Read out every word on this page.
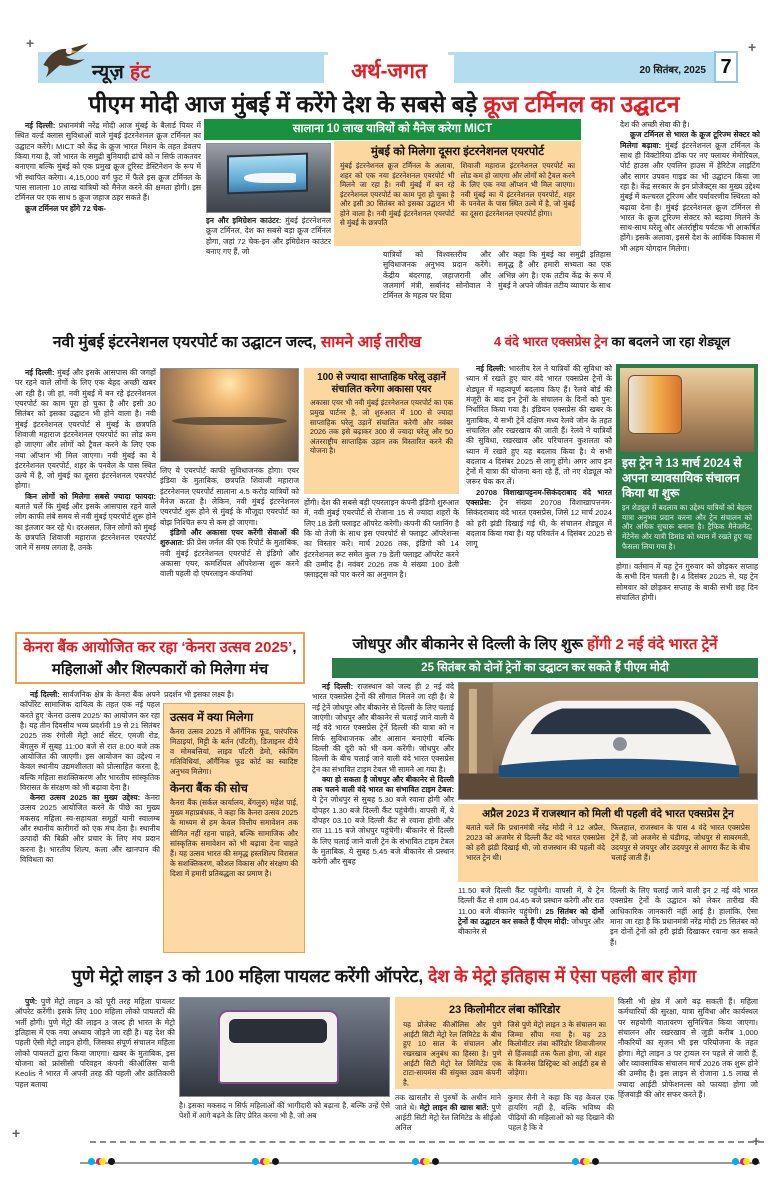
+	+
+	+
न्यूज़ हंट	अर्थ-जगत	20 सितंबर, 2025 7
पीएम मोदी आज मुंबई में करेंगे देश के सबसे बड़े क्रूज टर्मिनल का उद्घाटन

नई दिल्ली: प्रधानमंत्री नरेंद्र मोदी आज मुंबई के बैलार्ड पियर में स्थित वर्ल्ड क्लास सुविधाओं वाले मुंबई इंटरनेशनल क्रूज टर्मिनल का उद्घाटन करेंगे। MICT को केंद्र के क्रूज भारत मिशन के तहत डेवलप किया गया है, जो भारत के समुद्री बुनियादी ढांचे को न सिर्फ ताकतवर बनाएगा बल्कि मुंबई को एक प्रमुख क्रूज टूरिस्ट डेस्टिनेशन के रूप में भी स्थापित करेगा। 4,15,000 वर्ग फुट में फैले इस क्रूज टर्मिनल के पास सालाना 10 लाख यात्रियों को मैनेज करने की क्षमता होगी। इस टर्मिनल पर एक साथ 5 क्रूज जहाज ठहर सकते हैं।

क्रूज टर्मिनल पर होंगे 72 चेक-

सालाना 10 लाख यात्रियों को मैनेज करेगा MICT
मुंबई को मिलेगा दूसरा इंटरनेशनल एयरपोर्ट
मुंबई इंटरनेशनल क्रूज टर्मिनल के अलावा, शहर को एक नया इंटरनेशनल एयरपोर्ट भी मिलने जा रहा है। नवी मुंबई में बन रहे इंटरनेशनल एयरपोर्ट का काम पूरा हो चुका है और इसी 30 सितंबर को इसका उद्घाटन भी होने वाला है। नवी मुंबई इंटरनेशनल एयरपोर्ट से मुंबई के छत्रपति
शिवाजी महाराज इंटरनेशनल एयरपोर्ट का लोड कम हो जाएगा और लोगों को ट्रैवल करने के लिए एक नया ऑप्शन भी मिल जाएगा। नवी मुंबई का ये इंटरनेशनल एयरपोर्ट, शहर के पनवेल के पास स्थित उल्वे में है, जो मुंबई का दूसरा इंटरनेशनल एयरपोर्ट होगा।

इन और इमिग्रेशन काउंटर: मुंबई इंटरनेशनल क्रूज टर्मिनल, देश का सबसे बड़ा क्रूज टर्मिनल होगा, जहां 72 चेक-इन और इमिग्रेशन काउंटर बनाए गए हैं, जो	यात्रियों को विश्वस्तरीय और सुविधाजनक अनुभव प्रदान करेंगे। केंद्रीय बंदरगाह, जहाजरानी और जलमार्ग मंत्री, सर्बानंद सोनोवाल ने टर्मिनल के महत्व पर दिया
और कहा कि मुंबई का समुद्री इतिहास समृद्ध है और हमारी सभ्यता का एक अभिन्न अंग है। एक तटीय केंद्र के रूप में मुंबई ने अपने जीवंत तटीय व्यापार के साथ

देश की अच्छी सेवा की है।

क्रूज टर्मिनल से भारत के क्रूज टूरिज्म सेक्टर को मिलेगा बढ़ावा: मुंबई इंटरनेशनल क्रूज टर्मिनल के साथ ही विक्टोरिया डॉक पर नए फ्लायर मेमोरियल, पोर्ट हाउस और एवलिन हाउस में हेरिटेज लाइटिंग और सागर उपवन गाइड का भी उद्घाटन किया जा रहा है। केंद्र सरकार के इन प्रोजेक्ट्स का मुख्य उद्देश्य मुंबई में कल्चरल टूरिज्म और पर्यावरणीय स्थिरता को बढ़ावा देना है। मुंबई इंटरनेशनल क्रूज टर्मिनल से भारत के क्रूज टूरिज्म सेक्टर को बढ़ावा मिलने के साथ-साथ घरेलू और अंतर्राष्ट्रीय पर्यटक भी आकर्षित होंगे। इसके अलावा, इससे देश के आर्थिक विकास में भी अहम योगदान मिलेगा।

नवी मुंबई इंटरनेशनल एयरपोर्ट का उद्घाटन जल्द, सामने आई तारीख

नई दिल्ली: मुंबई और इसके आसपास की जगहों पर रहने वाले लोगों के लिए एक बेहद अच्छी खबर आ रही है। जी हां, नवी मुंबई में बन रहे इंटरनेशनल एयरपोर्ट का काम पूरा हो चुका है और इसी 30 सितंबर को इसका उद्घाटन भी होने वाला है। नवी मुंबई इंटरनेशनल एयरपोर्ट से मुंबई के छत्रपति शिवाजी महाराज इंटरनेशनल एयरपोर्ट का लोड कम हो जाएगा और लोगों को ट्रैवल करने के लिए एक नया ऑप्शन भी मिल जाएगा। नवी मुंबई का ये इंटरनेशनल एयरपोर्ट, शहर के पनवेल के पास स्थित उल्वे में है, जो मुंबई का दूसरा इंटरनेशनल एयरपोर्ट होगा।

किन लोगों को मिलेगा सबसे ज्यादा फायदा: बताते चलें कि मुंबई और इसके आसपास रहने वाले लोग काफी लंबे समय से नवी मुंबई एयरपोर्ट शुरू होने का इंतजार कर रहे थे। दरअसल, जिन लोगों को मुंबई के छत्रपति शिवाजी महाराज इंटरनेशनल एयरपोर्ट जाने में समय लगता है, उनके

लिए ये एयरपोर्ट काफी सुविधाजनक होगा। एयर इंडिया के मुताबिक, छत्रपति शिवाजी महाराज इंटरनेशनल एयरपोर्ट सालाना 4.5 करोड़ यात्रियों को मैनेज करता है। लेकिन, नवी मुंबई इंटरनेशनल एयरपोर्ट शुरू होने से मुंबई के मौजूदा एयरपोर्ट का बोझ निश्चित रूप से कम हो जाएगा।

इंडिगो और अकासा एयर करेंगी सेवाओं की शुरुआत: फ्री प्रेस जर्नल की एक रिपोर्ट के मुताबिक, नवी मुंबई इंटरनेशनल एयरपोर्ट से इंडिगो और अकासा एयर, कमर्शियल ऑपरेशन्स शुरू करने वाली पहली दो एयरलाइन कंपनियां

100 से ज्यादा साप्ताहिक घरेलू उड़ानें संचालित करेगा अकासा एयर
अकासा एयर भी नवी मुंबई इंटरनेशनल एयरपोर्ट का एक प्रमुख पार्टनर है, जो शुरुआत में 100 से ज्यादा साप्ताहिक घरेलू उड़ानें संचालित करेगी और नवंबर 2026 तक इसे बढ़ाकर 300 से ज्यादा घरेलू और 50 अंतरराष्ट्रीय साप्ताहिक उड़ान तक विस्तारित करने की योजना है।
होंगी। देश की सबसे बड़ी एयरलाइन कंपनी इंडिगो शुरुआत में, नवी मुंबई एयरपोर्ट से रोजाना 15 से ज्यादा शहरों के लिए 18 डेली फ्लाइट ऑपरेट करेगी। कंपनी की प्लानिंग है कि वो तेजी के साथ इस एयरपोर्ट से फ्लाइट ऑपरेशन्स का विस्तार करे। मार्च 2026 तक, इंडिगो को 14 इंटरनेशनल रूट समेत कुल 79 डेली फ्लाइट ऑपरेट करने की उम्मीद है। नवंबर 2026 तक ये संख्या 100 डेली फ्लाइट्स को पार करने का अनुमान है।
4 वंदे भारत एक्सप्रेस ट्रेन का बदलने जा रहा शेड्यूल

नई दिल्ली: भारतीय रेल ने यात्रियों की सुविधा को ध्यान में रखते हुए चार वंदे भारत एक्सप्रेस ट्रेनों के शेड्यूल में महत्वपूर्ण बदलाव किए हैं। रेलवे बोर्ड की मंजूरी के बाद इन ट्रेनों के संचालन के दिनों को पुन: निर्धारित किया गया है। इंडियन एक्सप्रेस की खबर के मुताबिक, ये सभी ट्रेनें दक्षिण मध्य रेलवे जोन के तहत संचालित और रखरखाव की जाती हैं। रेलवे ने यात्रियों की सुविधा, रखरखाव और परिचालन कुशलता को ध्यान में रखते हुए यह बदलाव किया है। ये सभी बदलाव 4 दिसंबर 2025 से लागू होंगे। अगर आप इन ट्रेनों में यात्रा की योजना बना रहे हैं, तो नए शेड्यूल को जरूर चेक कर लें।

20708 विशाखापट्टनम-सिकंदराबाद वंदे भारत एक्सप्रेस: ट्रेन संख्या 20708 विशाखापत्तनम-सिकंदराबाद वंदे भारत एक्सप्रेस, जिसे 12 मार्च 2024 को हरी झंडी दिखाई गई थी, के संचालन शेड्यूल में बदलाव किया गया है। यह परिवर्तन 4 दिसंबर 2025 से लागू

इस ट्रेन ने 13 मार्च 2024 से अपना व्यावसायिक संचालन किया था शुरू
इन शेड्यूल में बदलाव का उद्देश्य यात्रियों को बेहतर यात्रा अनुभव प्रदान करना और ट्रेन संचालन को और अधिक सुचारू बनाना है। ट्रैफिक मैनेजमेंट, मेंटेनेंस और यात्री डिमांड को ध्यान में रखते हुए यह फैसला लिया गया है।
होगा। वर्तमान में यह ट्रेन गुरुवार को छोड़कर सप्ताह के सभी दिन चलती है। 4 दिसंबर 2025 से, यह ट्रेन सोमवार को छोड़कर सप्ताह के बाकी सभी छह दिन संचालित होगी।
केनरा बैंक आयोजित कर रहा ‘केनरा उत्सव 2025’, महिलाओं और शिल्पकारों को मिलेगा मंच

नई दिल्ली: सार्वजनिक क्षेत्र के केनरा बैंक अपने कॉर्पोरेट सामाजिक दायित्व के तहत एक नई पहल करते हुए ‘केनरा उत्सव 2025’ का आयोजन कर रहा है। यह तीन दिवसीय भव्य प्रदर्शनी 19 से 21 सितंबर 2025 तक रंगोली मेट्रो आर्ट सेंटर, एमजी रोड, बेंगलुरु में सुबह 11:00 बजे से रात 8:00 बजे तक आयोजित की जाएगी। इस आयोजन का उद्देश्य न केवल स्थानीय उद्यमशीलता को प्रोत्साहित करना है, बल्कि महिला सशक्तिकरण और भारतीय सांस्कृतिक विरासत के संरक्षण को भी बढ़ावा देना है।

केनरा उत्सव 2025 का मुख्य उद्देश्य: केनरा उत्सव 2025 आयोजित करने के पीछे का मुख्य मकसद महिला स्व-सहायता समूहों यानी स्वालम्ब और स्थानीय कारीगरों को एक मंच देना है। स्थानीय उत्पादों की बिक्री और प्रचार के लिए मंच प्रदान करना है। भारतीय शिल्प, कला और खानपान की विविधता का

प्रदर्शन भी इसका लक्ष्य है।
उत्सव में क्या मिलेगा
कैनरा उत्सव 2025 में ऑर्गैनिक फूड, पारंपरिक मिठाइयां, मिट्टी के बर्तन (पॉटरी), डिजाइनर दीये व मोमबत्तियां, लाइव पॉटरी डेमो, स्केचिंग गतिविधियां, ऑर्गैनिक फूड कोर्ट का स्वादिष्ट अनुभव मिलेगा।
केनरा बैंक की सोच
कैनरा बैंक (सर्कल कार्यालय, बेंगलुरु) महेश पाई, मुख्य महाप्रबंधक, ने कहा कि कैनरा उत्सव 2025 के माध्यम से हम केवल वित्तीय समावेशन तक सीमित नहीं रहना चाहते, बल्कि सामाजिक और सांस्कृतिक समावेशन को भी बढ़ावा देना चाहते हैं। यह उत्सव भारत की समृद्ध हस्तशिल्प विरासत के सशक्तिकरण, कौशल विकास और संरक्षण की दिशा में हमारी प्रतिबद्धता का प्रमाण है।
जोधपुर और बीकानेर से दिल्ली के लिए शुरू होंगी 2 नई वंदे भारत ट्रेनें
25 सितंबर को दोनों ट्रेनों का उद्घाटन कर सकते हैं पीएम मोदी

नई दिल्ली: राजस्थान को जल्द ही 2 नई वंदे भारत एक्सप्रेस ट्रेनों की सौगात मिलने जा रही है। ये नई ट्रेनें जोधपुर और बीकानेर से दिल्ली के लिए चलाई जाएंगी। जोधपुर और बीकानेर से चलाई जाने वाली ये नई वंदे भारत एक्सप्रेस ट्रेनें दिल्ली की यात्रा को न सिर्फ सुविधाजनक और आसान बनाएंगी बल्कि दिल्ली की दूरी को भी कम करेंगी। जोधपुर और दिल्ली के बीच चलाई जाने वाली वंदे भारत एक्सप्रेस ट्रेन का संभावित टाइम टेबल भी सामने आ गया है।

क्या हो सकता है जोधपुर और बीकानेर से दिल्ली तक चलने वाली वंदे भारत का संभावित टाइम टेबल: ये ट्रेन जोधपुर से सुबह 5.30 बजे रवाना होगी और दोपहर 1.30 बजे दिल्ली कैंट पहुंचेगी। वापसी में, ये दोपहर 03.10 बजे दिल्ली कैंट से रवाना होगी और रात 11.15 बजे जोधपुर पहुंचेगी। बीकानेर से दिल्ली के लिए चलाई जाने वाली ट्रेन के संभावित टाइम टेबल के मुताबिक, ये सुबह 5.45 बजे बीकानेर से प्रस्थान करेगी और सुबह

अप्रैल 2023 में राजस्थान को मिली थी पहली वंदे भारत एक्सप्रेस ट्रेन
बताते चलें कि प्रधानमंत्री नरेंद्र मोदी ने 12 अप्रैल, 2023 को अजमेर से दिल्ली कैंट वंदे भारत एक्सप्रेस को हरी झंडी दिखाई थी, जो राजस्थान की पहली वंदे भारत ट्रेन थी।
फिलहाल, राजस्थान के पास 4 वंदे भारत एक्सप्रेस ट्रेनें हैं, जो अजमेर से चंडीगढ़, जोधपुर से साबरमती, उदयपुर से जयपुर और उदयपुर से आगरा कैंट के बीच चलाई जाती हैं।

11.50 बजे दिल्ली कैंट पहुंचेगी। वापसी में, ये ट्रेन दिल्ली कैंट से शाम 04.45 बजे प्रस्थान करेगी और रात 11.00 बजे बीकानेर पहुंचेगी। 25 सितंबर को दोनों ट्रेनों का उद्घाटन कर सकते हैं पीएम मोदी: जोधपुर और बीकानेर से

दिल्ली के लिए चलाई जाने वाली इन 2 नई वंदे भारत एक्सप्रेस ट्रेनों के उद्घाटन को लेकर तारीख की आधिकारिक जानकारी नहीं आई है। हालांकि, ऐसा माना जा रहा है कि प्रधानमंत्री नरेंद्र मोदी 25 सितंबर को इन दोनों ट्रेनों को हरी झंडी दिखाकर रवाना कर सकते हैं।
पुणे मेट्रो लाइन 3 को 100 महिला पायलट करेंगी ऑपरेट, देश के मेट्रो इतिहास में ऐसा पहली बार होगा

पुणे: पुणे मेट्रो लाइन 3 को पूरी तरह महिला पायलट ऑपरेट करेंगी। इसके लिए 100 महिला लोको पायलटों की भर्ती होगी। पुणे मेट्रो की लाइन 3 जल्द ही भारत के मेट्रो इतिहास में एक नया अध्याय जोड़ने जा रही है। यह देश की पहली ऐसी मेट्रो लाइन होगी, जिसका संपूर्ण संचालन महिला लोको पायलटों द्वारा किया जाएगा। खबर के मुताबिक, इस योजना को फ्रांसीसी परिवहन कंपनी कीऑलिस यानी Keolis ने भारत में अपनी तरह की पहली और क्रांतिकारी पहल बताया

है। इसका मकसद न सिर्फ महिलाओं की भागीदारी को बढ़ाना है, बल्कि उन्हें ऐसे पेशों में आगे बढ़ने के लिए प्रेरित करना भी है, जो अब
23 किलोमीटर लंबा कॉरिडोर
यह प्रोजेक्ट कीऑलिस और पुणे आईटी सिटी मेट्रो रेल लिमिटेड के बीच हुए 10 साल के संचालन और रखरखाव अनुबंध का हिस्सा है। पुणे आईटी सिटी मेट्रो रेल लिमिटेड एक टाटा-सायमंस की संयुक्त उद्यम कंपनी है,
जिसे पुणे मेट्रो लाइन 3 के संचालन का जिम्मा सौंपा गया है। यह 23 किलोमीटर लंबा कॉरिडोर शिवाजीनगर से हिंजवाड़ी तक फैला होगा, जो शहर के बिजनेस डिस्ट्रिक्ट को आईटी हब से जोड़ेगा।

तक खासतौर से पुरुषों के अधीन माने जाते थे। मेट्रो लाइन की खास बातें: पुणे आईटी सिटी मेट्रो रेल लिमिटेड के सीईओ अनिल

कुमार सैनी ने कहा कि यह केवल एक हायरिंग नहीं है, बल्कि भविष्य की पीढ़ियों की महिलाओं को यह दिखाने की पहल है कि वे
किसी भी क्षेत्र में आगे बढ़ सकती हैं। महिला कर्मचारियों की सुरक्षा, यात्रा सुविधा और कार्यस्थल पर सहयोगी वातावरण सुनिश्चित किया जाएगा। संचालन और रखरखाव से जुड़ी करीब 1,000 नौकरियों का सृजन भी इस परियोजना के तहत होगा। मेट्रो लाइन 3 पर ट्रायल रन पहले से जारी हैं, और व्यावसायिक संचालन मार्च 2026 तक शुरू होने की उम्मीद है। इस लाइन से रोजाना 1.5 लाख से ज्यादा आईटी प्रोफेशनल्स को फायदा होगा जो हिंजवाड़ी की ओर सफर करते हैं।
